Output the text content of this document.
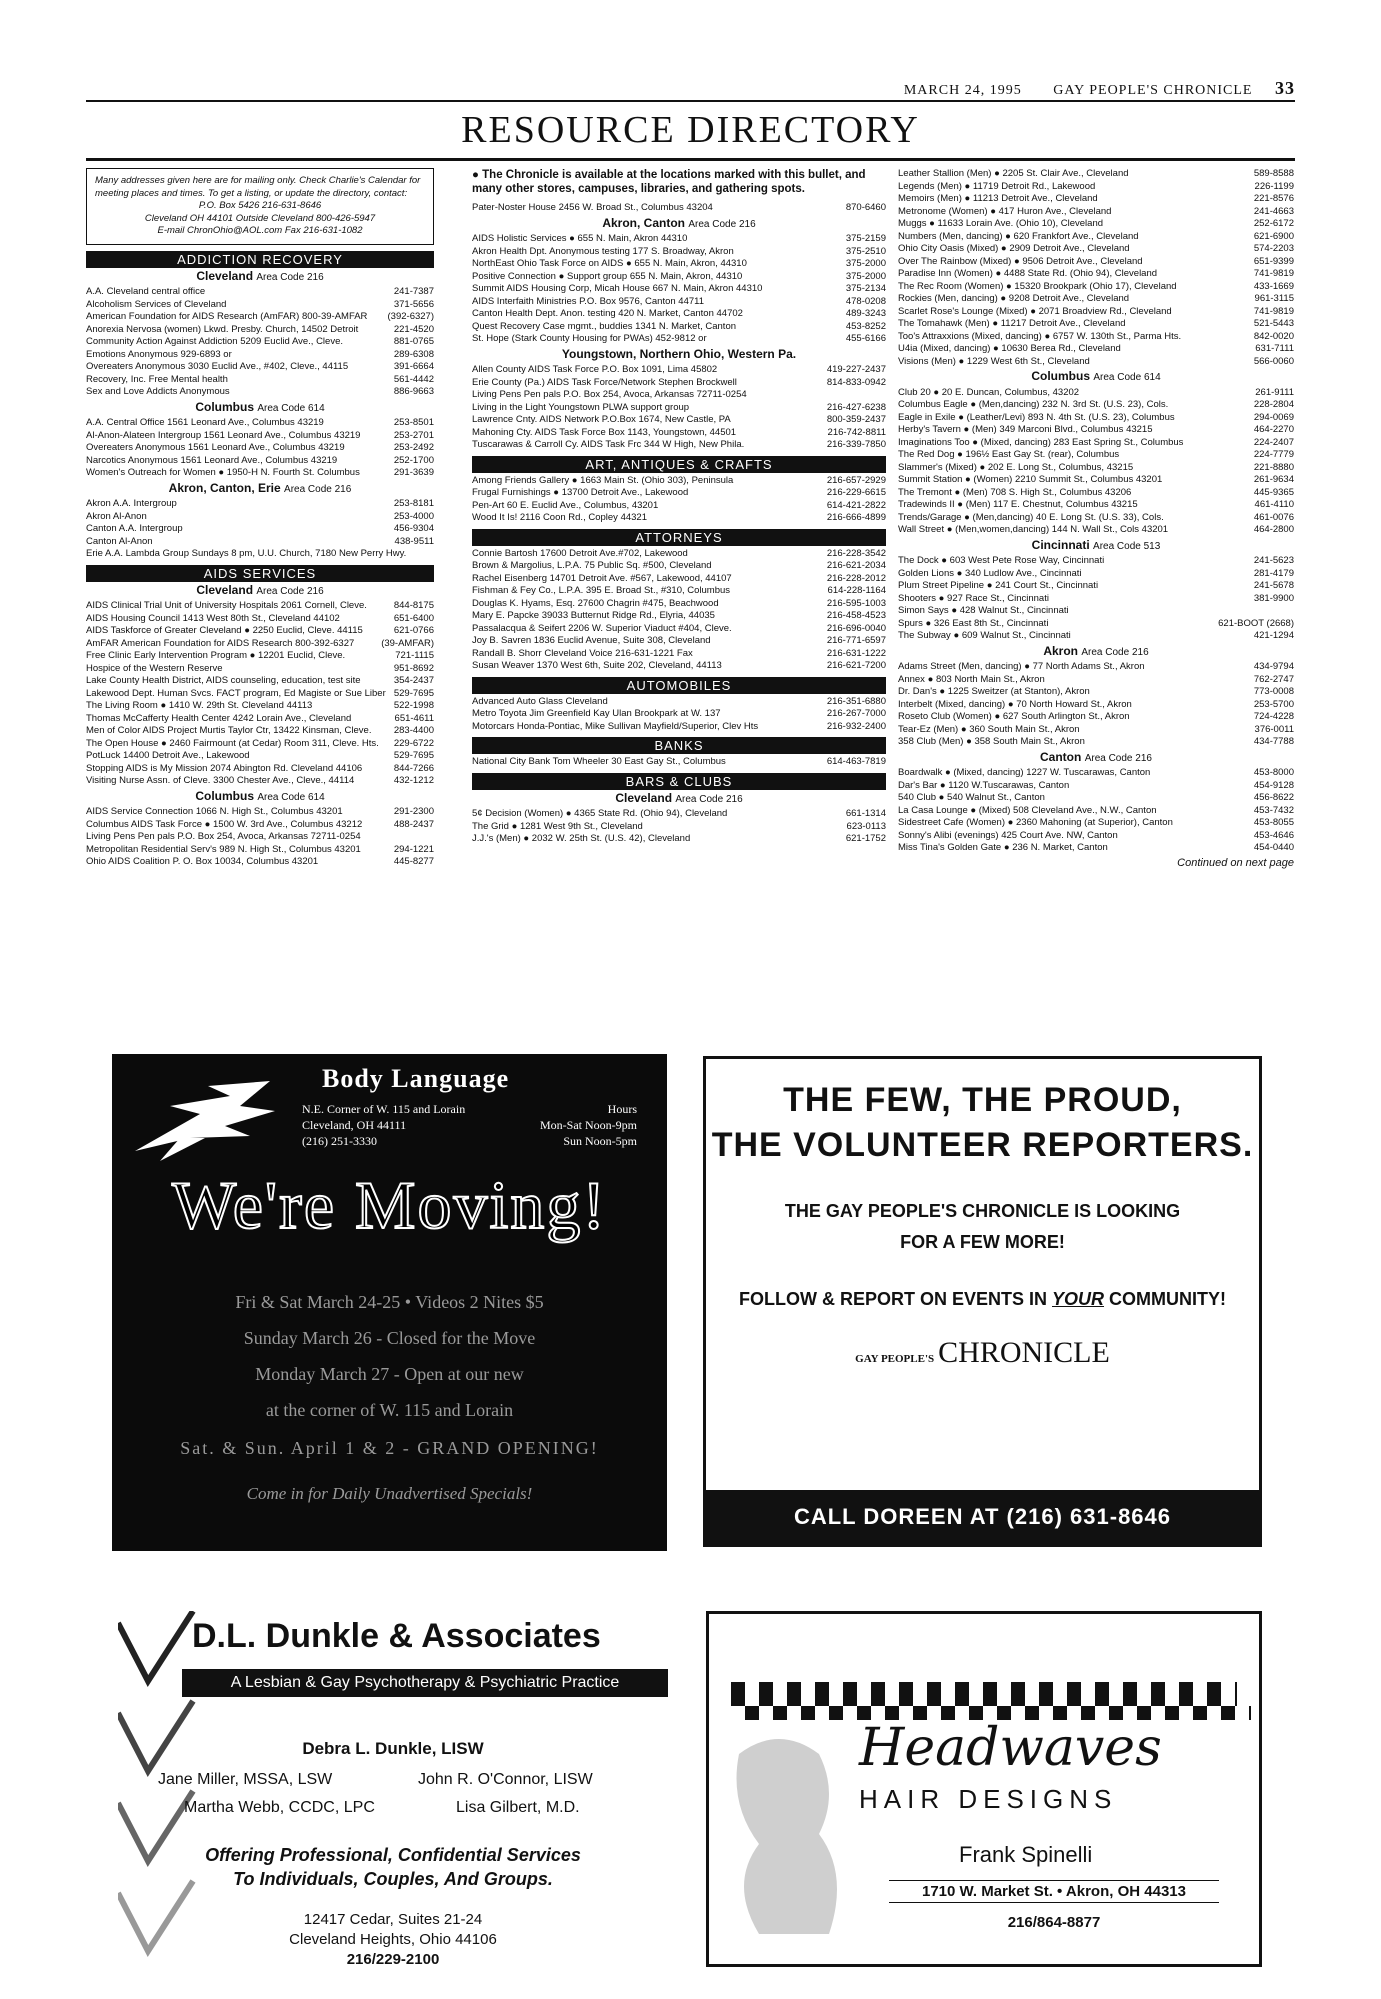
MARCH 24, 1995 GAY PEOPLE'S CHRONICLE 33
RESOURCE DIRECTORY
Many addresses given here are for mailing only. Check Charlie's Calendar for meeting places and times. To get a listing, or update the directory, contact:
P.O. Box 5426 216-631-8646
Cleveland OH 44101 Outside Cleveland 800-426-5947
E-mail ChronOhio@AOL.com Fax 216-631-1082
ADDICTION RECOVERY
Cleveland Area Code 216
A.A. Cleveland central office	241-7387
Alcoholism Services of Cleveland	371-5656
American Foundation for AIDS Research (AmFAR) 800-39-AMFAR	(392-6327)
Anorexia Nervosa (women) Lkwd. Presby. Church, 14502 Detroit	221-4520
Community Action Against Addiction 5209 Euclid Ave., Cleve.	881-0765
Emotions Anonymous 929-6893 or	289-6308
Overeaters Anonymous 3030 Euclid Ave., #402, Cleve., 44115	391-6664
Recovery, Inc. Free Mental health	561-4442
Sex and Love Addicts Anonymous	886-9663
Columbus Area Code 614
A.A. Central Office 1561 Leonard Ave., Columbus 43219	253-8501
Al-Anon-Alateen Intergroup 1561 Leonard Ave., Columbus 43219	253-2701
Overeaters Anonymous 1561 Leonard Ave., Columbus 43219	253-2492
Narcotics Anonymous 1561 Leonard Ave., Columbus 43219	252-1700
Women's Outreach for Women ● 1950-H N. Fourth St. Columbus	291-3639
Akron, Canton, Erie Area Code 216
Akron A.A. Intergroup	253-8181
Akron Al-Anon	253-4000
Canton A.A. Intergroup	456-9304
Canton Al-Anon	438-9511
Erie A.A. Lambda Group Sundays 8 pm, U.U. Church, 7180 New Perry Hwy.
AIDS SERVICES
Cleveland Area Code 216
AIDS Clinical Trial Unit of University Hospitals 2061 Cornell, Cleve.	844-8175
AIDS Housing Council 1413 West 80th St., Cleveland 44102	651-6400
AIDS Taskforce of Greater Cleveland ● 2250 Euclid, Cleve. 44115	621-0766
AmFAR American Foundation for AIDS Research 800-392-6327	(39-AMFAR)
Free Clinic Early Intervention Program ● 12201 Euclid, Cleve.	721-1115
Hospice of the Western Reserve	951-8692
Lake County Health District, AIDS counseling, education, test site	354-2437
Lakewood Dept. Human Svcs. FACT program, Ed Magiste or Sue Liber 529-7695
The Living Room ● 1410 W. 29th St. Cleveland 44113	522-1998
Thomas McCafferty Health Center 4242 Lorain Ave., Cleveland	651-4611
Men of Color AIDS Project Murtis Taylor Ctr, 13422 Kinsman, Cleve.	283-4400
The Open House ● 2460 Fairmount (at Cedar) Room 311, Cleve. Hts.	229-6722
PotLuck 14400 Detroit Ave., Lakewood	529-7695
Stopping AIDS is My Mission 2074 Abington Rd. Cleveland 44106	844-7266
Visiting Nurse Assn. of Cleve. 3300 Chester Ave., Cleve., 44114	432-1212
Columbus Area Code 614
AIDS Service Connection 1066 N. High St., Columbus 43201	291-2300
Columbus AIDS Task Force ● 1500 W. 3rd Ave., Columbus 43212	488-2437
Living Pens Pen pals P.O. Box 254, Avoca, Arkansas 72711-0254
Metropolitan Residential Serv's 989 N. High St., Columbus 43201	294-1221
Ohio AIDS Coalition P. O. Box 10034, Columbus 43201	445-8277
● The Chronicle is available at the locations marked with this bullet, and many other stores, campuses, libraries, and gathering spots.
Pater-Noster House 2456 W. Broad St., Columbus 43204	870-6460
Akron, Canton Area Code 216
AIDS Holistic Services ● 655 N. Main, Akron 44310	375-2159
Akron Health Dpt. Anonymous testing 177 S. Broadway, Akron	375-2510
NorthEast Ohio Task Force on AIDS ● 655 N. Main, Akron, 44310	375-2000
Positive Connection ● Support group 655 N. Main, Akron, 44310	375-2000
Summit AIDS Housing Corp, Micah House 667 N. Main, Akron 44310	375-2134
AIDS Interfaith Ministries P.O. Box 9576, Canton 44711	478-0208
Canton Health Dept. Anon. testing 420 N. Market, Canton 44702	489-3243
Quest Recovery Case mgmt., buddies 1341 N. Market, Canton	453-8252
St. Hope (Stark County Housing for PWAs) 452-9812 or	455-6166
Youngstown, Northern Ohio, Western Pa.
Allen County AIDS Task Force P.O. Box 1091, Lima 45802	419-227-2437
Erie County (Pa.) AIDS Task Force/Network Stephen Brockwell	814-833-0942
Living Pens Pen pals P.O. Box 254, Avoca, Arkansas 72711-0254
Living in the Light Youngstown PLWA support group	216-427-6238
Lawrence Cnty. AIDS Network P.O.Box 1674, New Castle, PA	800-359-2437
Mahoning Cty. AIDS Task Force Box 1143, Youngstown, 44501	216-742-8811
Tuscarawas & Carroll Cy. AIDS Task Frc 344 W High, New Phila.	216-339-7850
ART, ANTIQUES & CRAFTS
Among Friends Gallery ● 1663 Main St. (Ohio 303), Peninsula	216-657-2929
Frugal Furnishings ● 13700 Detroit Ave., Lakewood	216-229-6615
Pen-Art 60 E. Euclid Ave., Columbus, 43201	614-421-2822
Wood It Is! 2116 Coon Rd., Copley 44321	216-666-4899
ATTORNEYS
Connie Bartosh 17600 Detroit Ave.#702, Lakewood	216-228-3542
Brown & Margolius, L.P.A. 75 Public Sq. #500, Cleveland	216-621-2034
Rachel Eisenberg 14701 Detroit Ave. #567, Lakewood, 44107	216-228-2012
Fishman & Fey Co., L.P.A. 395 E. Broad St., #310, Columbus	614-228-1164
Douglas K. Hyams, Esq. 27600 Chagrin #475, Beachwood	216-595-1003
Mary E. Papcke 39033 Butternut Ridge Rd., Elyria, 44035	216-458-4523
Passalacqua & Seifert 2206 W. Superior Viaduct #404, Cleve.	216-696-0040
Joy B. Savren 1836 Euclid Avenue, Suite 308, Cleveland	216-771-6597
Randall B. Shorr Cleveland Voice 216-631-1221 Fax	216-631-1222
Susan Weaver 1370 West 6th, Suite 202, Cleveland, 44113	216-621-7200
AUTOMOBILES
Advanced Auto Glass Cleveland	216-351-6880
Metro Toyota Jim Greenfield Kay Ulan Brookpark at W. 137	216-267-7000
Motorcars Honda-Pontiac, Mike Sullivan Mayfield/Superior, Clev Hts	216-932-2400
BANKS
National City Bank Tom Wheeler 30 East Gay St., Columbus	614-463-7819
BARS & CLUBS
Cleveland Area Code 216
5¢ Decision (Women) ● 4365 State Rd. (Ohio 94), Cleveland	661-1314
The Grid ● 1281 West 9th St., Cleveland	623-0113
J.J.'s (Men) ● 2032 W. 25th St. (U.S. 42), Cleveland	621-1752
Leather Stallion (Men) ● 2205 St. Clair Ave., Cleveland	589-8588
Legends (Men) ● 11719 Detroit Rd., Lakewood	226-1199
Memoirs (Men) ● 11213 Detroit Ave., Cleveland	221-8576
Metronome (Women) ● 417 Huron Ave., Cleveland	241-4663
Muggs ● 11633 Lorain Ave. (Ohio 10), Cleveland	252-6172
Numbers (Men, dancing) ● 620 Frankfort Ave., Cleveland	621-6900
Ohio City Oasis (Mixed) ● 2909 Detroit Ave., Cleveland	574-2203
Over The Rainbow (Mixed) ● 9506 Detroit Ave., Cleveland	651-9399
Paradise Inn (Women) ● 4488 State Rd. (Ohio 94), Cleveland	741-9819
The Rec Room (Women) ● 15320 Brookpark (Ohio 17), Cleveland	433-1669
Rockies (Men, dancing) ● 9208 Detroit Ave., Cleveland	961-3115
Scarlet Rose's Lounge (Mixed) ● 2071 Broadview Rd., Cleveland	741-9819
The Tomahawk (Men) ● 11217 Detroit Ave., Cleveland	521-5443
Too's Attraxxions (Mixed, dancing) ● 6757 W. 130th St., Parma Hts.	842-0020
U4ia (Mixed, dancing) ● 10630 Berea Rd., Cleveland	631-7111
Visions (Men) ● 1229 West 6th St., Cleveland	566-0060
Columbus Area Code 614
Club 20 ● 20 E. Duncan, Columbus, 43202	261-9111
Columbus Eagle ● (Men,dancing) 232 N. 3rd St. (U.S. 23), Cols.	228-2804
Eagle in Exile ● (Leather/Levi) 893 N. 4th St. (U.S. 23), Columbus	294-0069
Herby's Tavern ● (Men) 349 Marconi Blvd., Columbus 43215	464-2270
Imaginations Too ● (Mixed, dancing) 283 East Spring St., Columbus	224-2407
The Red Dog ● 196½ East Gay St. (rear), Columbus	224-7779
Slammer's (Mixed) ● 202 E. Long St., Columbus, 43215	221-8880
Summit Station ● (Women) 2210 Summit St., Columbus 43201	261-9634
The Tremont ● (Men) 708 S. High St., Columbus 43206	445-9365
Tradewinds II ● (Men) 117 E. Chestnut, Columbus 43215	461-4110
Trends/Garage ● (Men,dancing) 40 E. Long St. (U.S. 33), Cols.	461-0076
Wall Street ● (Men,women,dancing) 144 N. Wall St., Cols 43201	464-2800
Cincinnati Area Code 513
The Dock ● 603 West Pete Rose Way, Cincinnati	241-5623
Golden Lions ● 340 Ludlow Ave., Cincinnati	281-4179
Plum Street Pipeline ● 241 Court St., Cincinnati	241-5678
Shooters ● 927 Race St., Cincinnati	381-9900
Simon Says ● 428 Walnut St., Cincinnati
Spurs ● 326 East 8th St., Cincinnati	621-BOOT (2668)
The Subway ● 609 Walnut St., Cincinnati	421-1294
Akron Area Code 216
Adams Street (Men, dancing) ● 77 North Adams St., Akron	434-9794
Annex ● 803 North Main St., Akron	762-2747
Dr. Dan's ● 1225 Sweitzer (at Stanton), Akron	773-0008
Interbelt (Mixed, dancing) ● 70 North Howard St., Akron	253-5700
Roseto Club (Women) ● 627 South Arlington St., Akron	724-4228
Tear-Ez (Men) ● 360 South Main St., Akron	376-0011
358 Club (Men) ● 358 South Main St., Akron	434-7788
Canton Area Code 216
Boardwalk ● (Mixed, dancing) 1227 W. Tuscarawas, Canton	453-8000
Dar's Bar ● 1120 W.Tuscarawas, Canton	454-9128
540 Club ● 540 Walnut St., Canton	456-8622
La Casa Lounge ● (Mixed) 508 Cleveland Ave., N.W., Canton	453-7432
Sidestreet Cafe (Women) ● 2360 Mahoning (at Superior), Canton	453-8055
Sonny's Alibi (evenings) 425 Court Ave. NW, Canton	453-4646
Miss Tina's Golden Gate ● 236 N. Market, Canton	454-0440
Continued on next page
Body Language
N.E. Corner of W. 115 and Lorain
Cleveland, OH 44111
(216) 251-3330
Hours
Mon-Sat Noon-9pm
Sun Noon-5pm
We're Moving!
Fri & Sat March 24-25 • Videos 2 Nites $5
Sunday March 26 - Closed for the Move
Monday March 27 - Open at our new
at the corner of W. 115 and Lorain
Sat. & Sun. April 1 & 2 - GRAND OPENING!
Come in for Daily Unadvertised Specials!
THE FEW, THE PROUD,
THE VOLUNTEER REPORTERS.
THE GAY PEOPLE'S CHRONICLE IS LOOKING
FOR A FEW MORE!
FOLLOW & REPORT ON EVENTS IN YOUR COMMUNITY!
GAY PEOPLE'S CHRONICLE
CALL DOREEN AT (216) 631-8646
D.L. Dunkle & Associates
A Lesbian & Gay Psychotherapy & Psychiatric Practice
Debra L. Dunkle, LISW
Jane Miller, MSSA, LSW	John R. O'Connor, LISW
Martha Webb, CCDC, LPC	Lisa Gilbert, M.D.
Offering Professional, Confidential Services
To Individuals, Couples, And Groups.
12417 Cedar, Suites 21-24
Cleveland Heights, Ohio 44106
216/229-2100
Headwaves
HAIR DESIGNS
Frank Spinelli
1710 W. Market St. • Akron, OH 44313
216/864-8877
